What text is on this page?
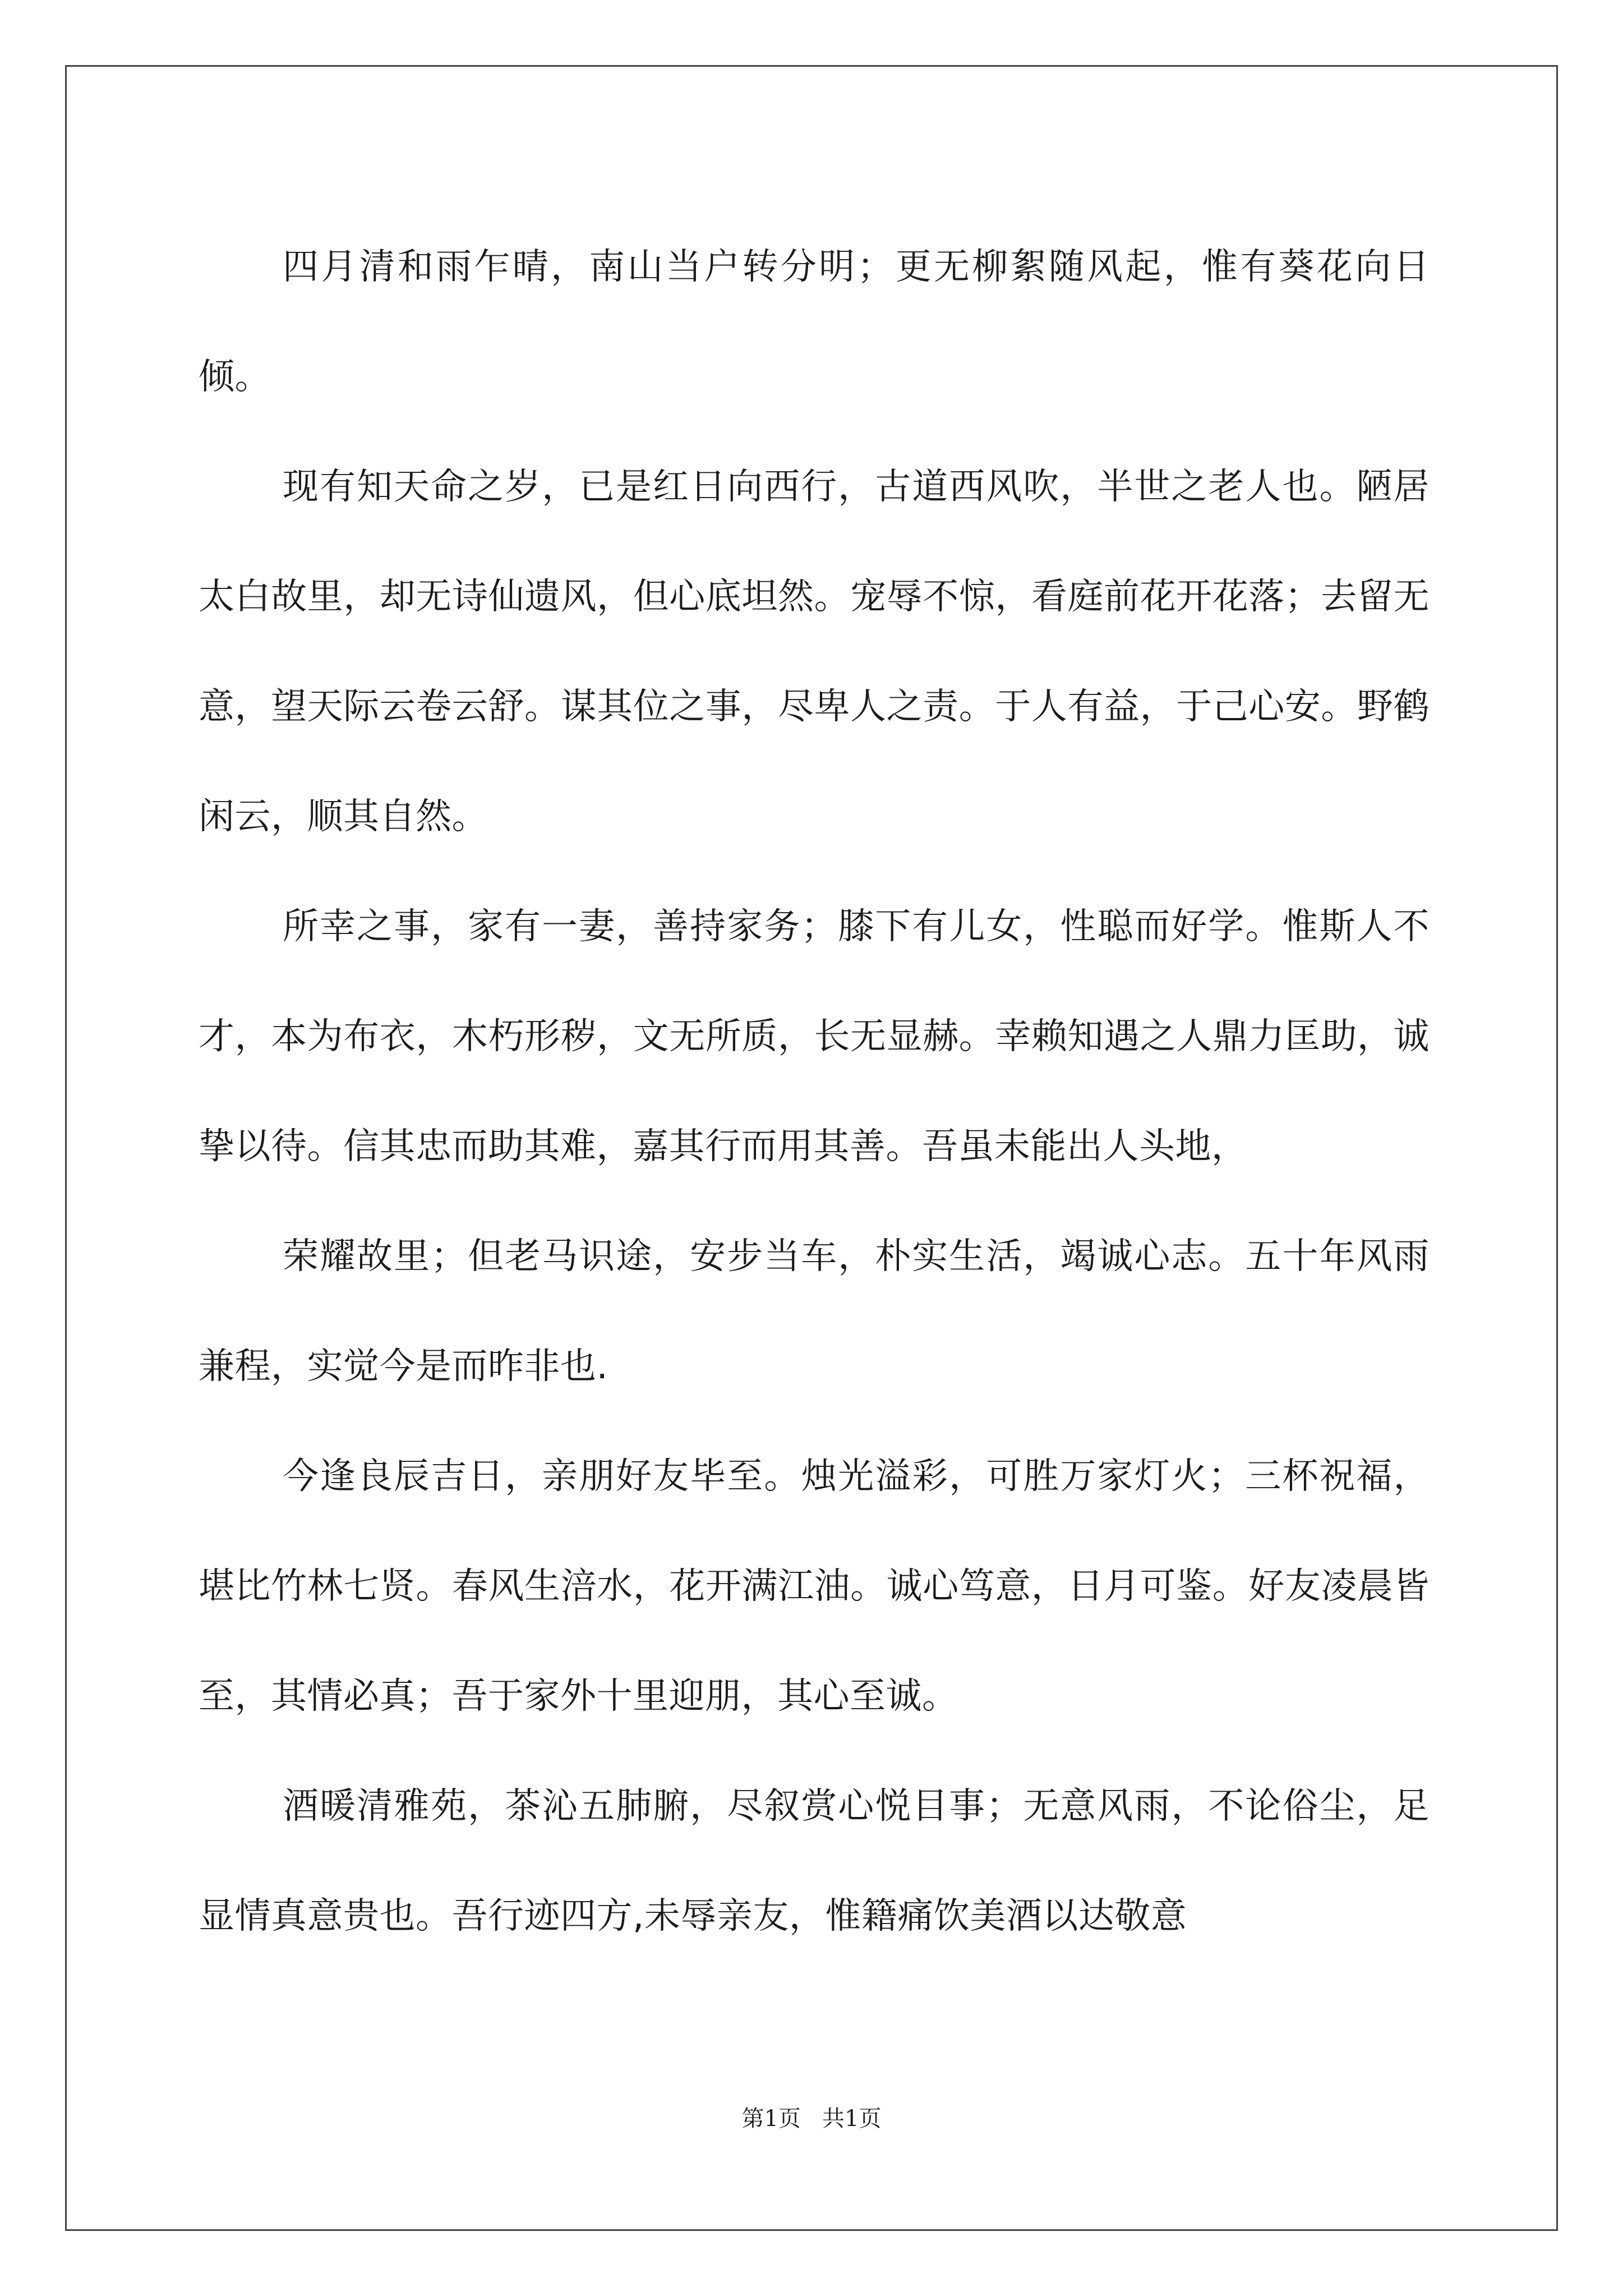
四月清和雨乍晴，南山当户转分明；更无柳絮随风起，惟有葵花向日倾。

现有知天命之岁，已是红日向西行，古道西风吹，半世之老人也。陋居太白故里，却无诗仙遗风，但心底坦然。宠辱不惊，看庭前花开花落；去留无意，望天际云卷云舒。谋其位之事，尽卑人之责。于人有益，于己心安。野鹤闲云，顺其自然。

所幸之事，家有一妻，善持家务；膝下有儿女，性聪而好学。惟斯人不才，本为布衣，木朽形秽，文无所质，长无显赫。幸赖知遇之人鼎力匡助，诚挚以待。信其忠而助其难，嘉其行而用其善。吾虽未能出人头地，

荣耀故里；但老马识途，安步当车，朴实生活，竭诚心志。五十年风雨兼程，实觉今是而昨非也.

今逢良辰吉日，亲朋好友毕至。烛光溢彩，可胜万家灯火；三杯祝福，堪比竹林七贤。春风生涪水，花开满江油。诚心笃意，日月可鉴。好友凌晨皆至，其情必真；吾于家外十里迎朋，其心至诚。

酒暖清雅苑，茶沁五肺腑，尽叙赏心悦目事；无意风雨，不论俗尘，足显情真意贵也。吾行迹四方,未辱亲友，惟籍痛饮美酒以达敬意

第1页   共1页
